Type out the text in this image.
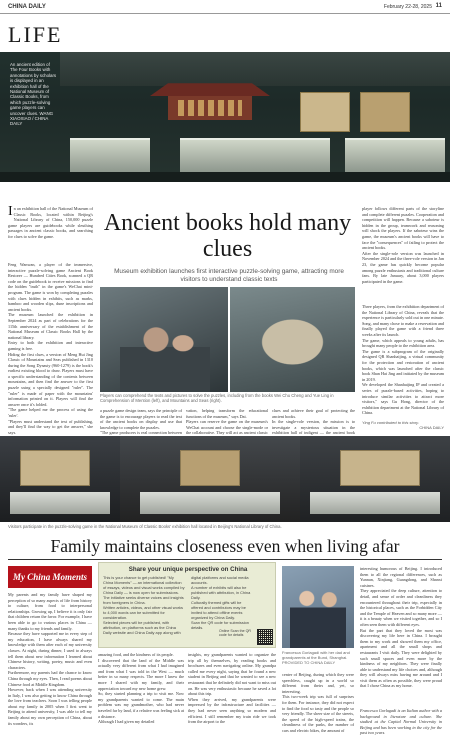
CHINA DAILY	February 22-28, 2025 11
LIFE
An ancient edition of The Four Books with annotations by scholars is displayed in an exhibition hall of the National Museum of Classic Books, from which puzzle-solving game players can uncover clues. WANG XIAOXIAO / CHINA DAILY
In an exhibition hall of the National Museum of Classic Books, located within Beijing's National Library of China, 150,000 puzzle game players are guidebooks while sleuthing passages in ancient classic books, and searching for clues to solve the game.
Feng Wanwan, a player of the immersive, interactive puzzle-solving game Ancient Book Restorer — Hundred Cities Book, scanned a QR code on the guidebook to receive missions to find the hidden "truth" in the game's WeChat mini-program. The game is won by completing puzzles with clues hidden in exhibits, such as marks, bamboo and wooden slips, dune inscriptions and ancient books.
The museum launched the exhibition in September 2024 as part of celebrations for the 115th anniversary of the establishment of the National Museum of Classic Books Hall by the national library.
Entry to both the exhibition and interactive gaming is free.
Hiding the first clues, a version of Meng Hui Jing Classic of Mountains and Seas published in 1310 during the Song Dynasty (960-1279) is the book's earliest existing blood to draw. Players must have a specific understanding of the contents between mountains, and then find the answer to the first puzzle using a specially designed "ruler". The "ruler" is made of paper with the mountains' information printed on it. Players will find the answer once it's folded.
"The game helped me the process of using the 'ruler'.
"Players must understand the text of publishing, and they'll find the way to get the answer," she says.

Ancient books hold many clues
Museum exhibition launches first interactive puzzle-solving game, attracting more visitors to understand classic texts
Players can comprehend the texts and pictures to solve the puzzles, including from the books Wei Chu Cheng and Yue Ling in Comprehension of Mention (left), and Mountains and Seas (right).
a puzzle game design team, says the principle of the game is to encourage players to read the text of the ancient books on display and use that knowledge to complete the puzzles.
"The game producers is real connection between

vation, helping transform the educational functions of the museum," says Dai.
Players can reserve the game on the museum's WeChat account and choose the single-mode or the collaborative. They will act as ancient classic
clues and achieve their goal of protecting the ancient books.
In the single-role version, the mission is to investigate a mysterious situation in the exhibition hall of indigent — the ancient book

player follows different parts of the storyline and complete different puzzles. Cooperation and competition will happen. Because a saboteur is hidden in the group, teamwork and reasoning will shock the players. If the saboteur wins the game, the museum's ancient books will have to face the "consequences" of failing to protect the ancient books.
After the single-role version was launched in November 2024 and the three-role version in Jan 23, the game has quickly become popular among puzzle enthusiasts and traditional culture fans. By late January, about 3,000 players participated in the game.
Three players, from the exhibition department of the National Library of China, reveals that the experience is particularly sold out in one minute.
Song, and many chose to make a reservation and finally played the game with a friend three weeks after its launch.
The game, which appeals to young adults, has brought many people to the exhibition area.
The game is a subprogram of the originally designed QR Shanhaijing, a virtual community for the protection and restoration of ancient books, which was launched after the classic book Shan Hai Jing and initiated by the museum in 2019.
We developed the Shanhaijing IP and created a series of puzzle-based activities, hoping to introduce similar activities to attract more visitors," says Gu Hong, director of the exhibition department at the National Library of China.
Ying Fu contributed to this story.
CHINA DAILY
Visitors participate in the puzzle-solving game in the National Museum of Classic Books' exhibition hall located in Beijing's National Library of China.
Family maintains closeness even when living afar
My China Moments
My parents and my family have shaped my perception of so many aspects of life from history to culture, from food to interpersonal relationships. Growing up, I believe it is only fair that children return the favor. For example, I have been able to go to various places in China — many thanks to my friends and family.
Because they have supported me in every step of my education, I have always shared my knowledge with them after each of my university classes. At night, during dinner, I used to always tell them about new information I learned about Chinese history, writing, poetry, music and even characters.
Furthermore, my parents had the chance to know China through my eyes. Then, I read poems about Chinese food at Middle Kingdom.
However, back when I was attending university in Italy, I was also getting to know China through the love from teachers. Soon I was telling people about my family in 2005 when I first went to Beijing to attend university, I was able to tell my family about my own perception of China, about its wonders, its
Share your unique perspective on China
This is your chance to get published! "My China Moments" — an international collection of essays, videos and visual works compiled by China Daily — is now open for submissions. The initiative seeks diverse voices and insights from foreigners in China.
Written articles, videos, and other visual works to 4,000 words can be submitted for consideration.
Selected pieces will be published, with attribution, on platforms such as the China Daily website and China Daily app along with
digital platforms and social media accounts.
A number of exhibits will also be published with attribution, in China Daily.
Culturally themed gifts will be offered and contributors may be invited to attend offline events organized by China Daily.
Scan the QR code for submission details.
Online Scan the QR code for details
amazing food, and the kindness of its people.
I discovered that the land of the Middle was actually very different from what I had imagined and from what I was told in the West — much better in so many respects. The more I knew the more I shared with my family, and their appreciation toward my new home grew.
So, they started planning a trip to visit me. Now my grandparents wanted to come. The main problem was my grandmother, who had never traveled far by land, if a relative was feeling sick at a distance.
Although I had given my detailed
insights, my grandparents wanted to organize the trip all by themselves, by reading books and brochures and even navigating online. My grandpa called me every night, saying that he found a new student in Beijing and that he wanted to see a new restaurant that he definitely did not want to miss out on. He was very enthusiastic because he saved a lot about this trip.
When they arrived, my grandparents were impressed by the infrastructure and facilities — they had never seen anything so modern and efficient. I still remember my train ride we took from the airport to the
Francesca Gorlagadi with her dad and grandparents at the Bund, Shanghai. PROVIDED TO CHINA DAILY
center of Beijing, during which they were speechless, caught up in a world so different from theirs and, yet, so interesting.
This two-week trip was full of surprises for them. For instance, they did not expect to find the food so tasty and the people so very friendly. The sheer size of the streets, the speed of the high-speed trains, the cleanliness of the parks, the number of cars and electric bikes, the amount of
interesting humorous of Beijing. I introduced them to all the regional differences, such as Yunnan, Xinjiang, Guangdong, and Shanxi cuisines.
They appreciated the deep culture, attention to detail, and sense of order and cleanliness they encountered throughout their trip, especially in the historical places, such as the Forbidden City and the Temple of Heaven and so many more — it is a beauty when we visited together, and so I often seen them with different eyes.
But the part that they loved the most was discovering my life here in China. I brought them to my work and showed them my office, apartment and all the small shops and restaurants I visit daily. They were delighted by such small spaces and even more by the kindness of my neighbors. They were finally able to understand my life choices and, although they will always miss having me around and I visit them as often as possible, they were proud that I chose China as my home.
Francesca Gorlagadi is an Italian author with a background in literature and culture. She studied at the Capital Normal University in Beijing and has been working in the city for the past two years.
